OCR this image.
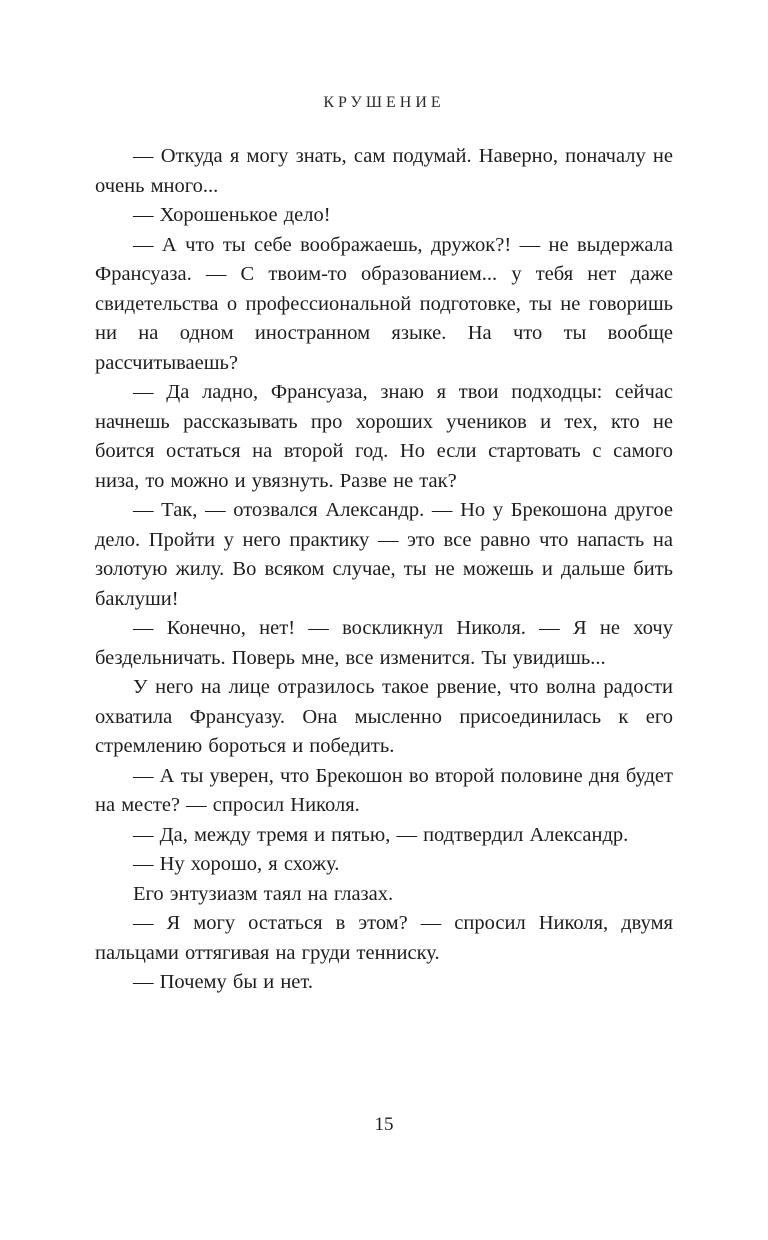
КРУШЕНИЕ

— Откуда я могу знать, сам подумай. Наверно, поначалу не очень много...

— Хорошенькое дело!

— А что ты себе воображаешь, дружок?! — не выдержала Франсуаза. — С твоим-то образованием... у тебя нет даже свидетельства о профессиональной подготовке, ты не говоришь ни на одном иностранном языке. На что ты вообще рассчитываешь?

— Да ладно, Франсуаза, знаю я твои подходцы: сейчас начнешь рассказывать про хороших учеников и тех, кто не боится остаться на второй год. Но если стартовать с самого низа, то можно и увязнуть. Разве не так?

— Так, — отозвался Александр. — Но у Брекошона другое дело. Пройти у него практику — это все равно что напасть на золотую жилу. Во всяком случае, ты не можешь и дальше бить баклуши!

— Конечно, нет! — воскликнул Николя. — Я не хочу бездельничать. Поверь мне, все изменится. Ты увидишь...

У него на лице отразилось такое рвение, что волна радости охватила Франсуазу. Она мысленно присоединилась к его стремлению бороться и победить.

— А ты уверен, что Брекошон во второй половине дня будет на месте? — спросил Николя.

— Да, между тремя и пятью, — подтвердил Александр.

— Ну хорошо, я схожу.

Его энтузиазм таял на глазах.

— Я могу остаться в этом? — спросил Николя, двумя пальцами оттягивая на груди тенниску.

— Почему бы и нет.

15
